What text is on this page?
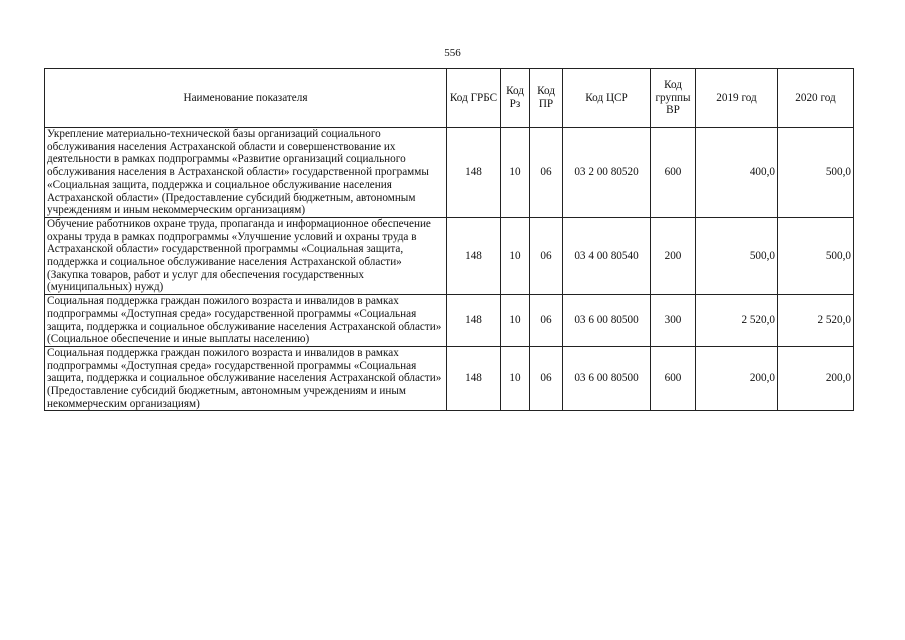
556
Наименование показателя	Код ГРБС	Код Рз	Код ПР	Код ЦСР	Код группы ВР	2019 год	2020 год
Укрепление материально-технической базы организаций социального обслуживания населения Астраханской области и совершенствование их деятельности в рамках подпрограммы «Развитие организаций социального обслуживания населения в Астраханской области» государственной программы «Социальная защита, поддержка и социальное обслуживание населения Астраханской области» (Предоставление субсидий бюджетным, автономным учреждениям и иным некоммерческим организациям)	148	10	06	03 2 00 80520	600	400,0	500,0
Обучение работников охране труда, пропаганда и информационное обеспечение охраны труда в рамках подпрограммы «Улучшение условий и охраны труда в Астраханской области» государственной программы «Социальная защита, поддержка и социальное обслуживание населения Астраханской области» (Закупка товаров, работ и услуг для обеспечения государственных (муниципальных) нужд)	148	10	06	03 4 00 80540	200	500,0	500,0
Социальная поддержка граждан пожилого возраста и инвалидов в рамках подпрограммы «Доступная среда» государственной программы «Социальная защита, поддержка и социальное обслуживание населения Астраханской области» (Социальное обеспечение и иные выплаты населению)	148	10	06	03 6 00 80500	300	2 520,0	2 520,0
Социальная поддержка граждан пожилого возраста и инвалидов в рамках подпрограммы «Доступная среда» государственной программы «Социальная защита, поддержка и социальное обслуживание населения Астраханской области» (Предоставление субсидий бюджетным, автономным учреждениям и иным некоммерческим организациям)	148	10	06	03 6 00 80500	600	200,0	200,0
